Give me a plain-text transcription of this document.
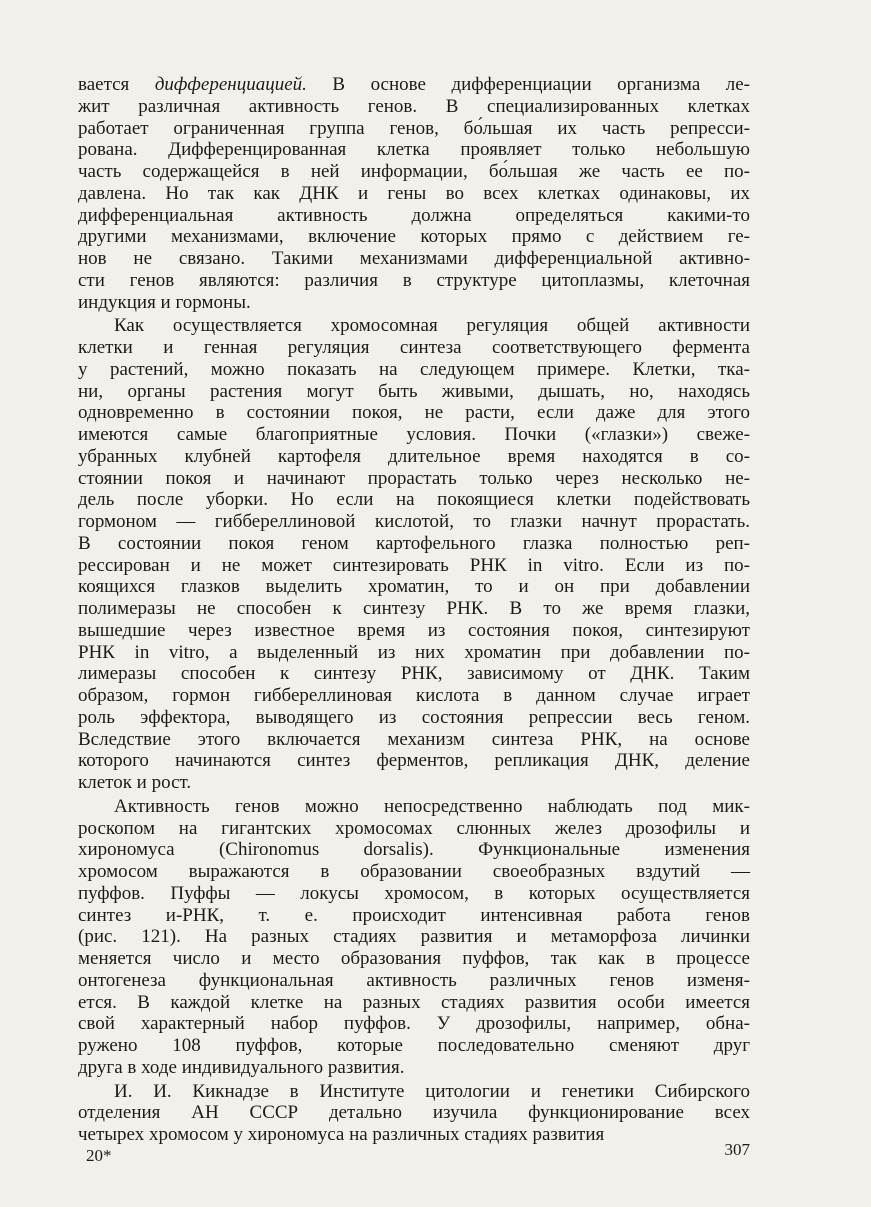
вается дифференциацией. В основе дифференциации организма ле-
жит различная активность генов. В специализированных клетках
работает ограниченная группа генов, бо́льшая их часть репресси-
рована. Дифференцированная клетка проявляет только небольшую
часть содержащейся в ней информации, бо́льшая же часть ее по-
давлена. Но так как ДНК и гены во всех клетках одинаковы, их
дифференциальная активность должна определяться какими-то
другими механизмами, включение которых прямо с действием ге-
нов не связано. Такими механизмами дифференциальной активно-
сти генов являются: различия в структуре цитоплазмы, клеточная
индукция и гормоны.

Как осуществляется хромосомная регуляция общей активности
клетки и генная регуляция синтеза соответствующего фермента
у растений, можно показать на следующем примере. Клетки, тка-
ни, органы растения могут быть живыми, дышать, но, находясь
одновременно в состоянии покоя, не расти, если даже для этого
имеются самые благоприятные условия. Почки («глазки») свеже-
убранных клубней картофеля длительное время находятся в со-
стоянии покоя и начинают прорастать только через несколько не-
дель после уборки. Но если на покоящиеся клетки подействовать
гормоном — гиббереллиновой кислотой, то глазки начнут прорастать.
В состоянии покоя геном картофельного глазка полностью реп-
рессирован и не может синтезировать РНК in vitro. Если из по-
коящихся глазков выделить хроматин, то и он при добавлении
полимеразы не способен к синтезу РНК. В то же время глазки,
вышедшие через известное время из состояния покоя, синтезируют
РНК in vitro, а выделенный из них хроматин при добавлении по-
лимеразы способен к синтезу РНК, зависимому от ДНК. Таким
образом, гормон гиббереллиновая кислота в данном случае играет
роль эффектора, выводящего из состояния репрессии весь геном.
Вследствие этого включается механизм синтеза РНК, на основе
которого начинаются синтез ферментов, репликация ДНК, деление
клеток и рост.

Активность генов можно непосредственно наблюдать под мик-
роскопом на гигантских хромосомах слюнных желез дрозофилы и
хирономуса (Chironomus dorsalis). Функциональные изменения
хромосом выражаются в образовании своеобразных вздутий —
пуффов. Пуффы — локусы хромосом, в которых осуществляется
синтез и-РНК, т. е. происходит интенсивная работа генов
(рис. 121). На разных стадиях развития и метаморфоза личинки
меняется число и место образования пуффов, так как в процессе
онтогенеза функциональная активность различных генов изменя-
ется. В каждой клетке на разных стадиях развития особи имеется
свой характерный набор пуффов. У дрозофилы, например, обна-
ружено 108 пуффов, которые последовательно сменяют друг
друга в ходе индивидуального развития.

И. И. Кикнадзе в Институте цитологии и генетики Сибирского
отделения АН СССР детально изучила функционирование всех
четырех хромосом у хирономуса на различных стадиях развития

20*	307
